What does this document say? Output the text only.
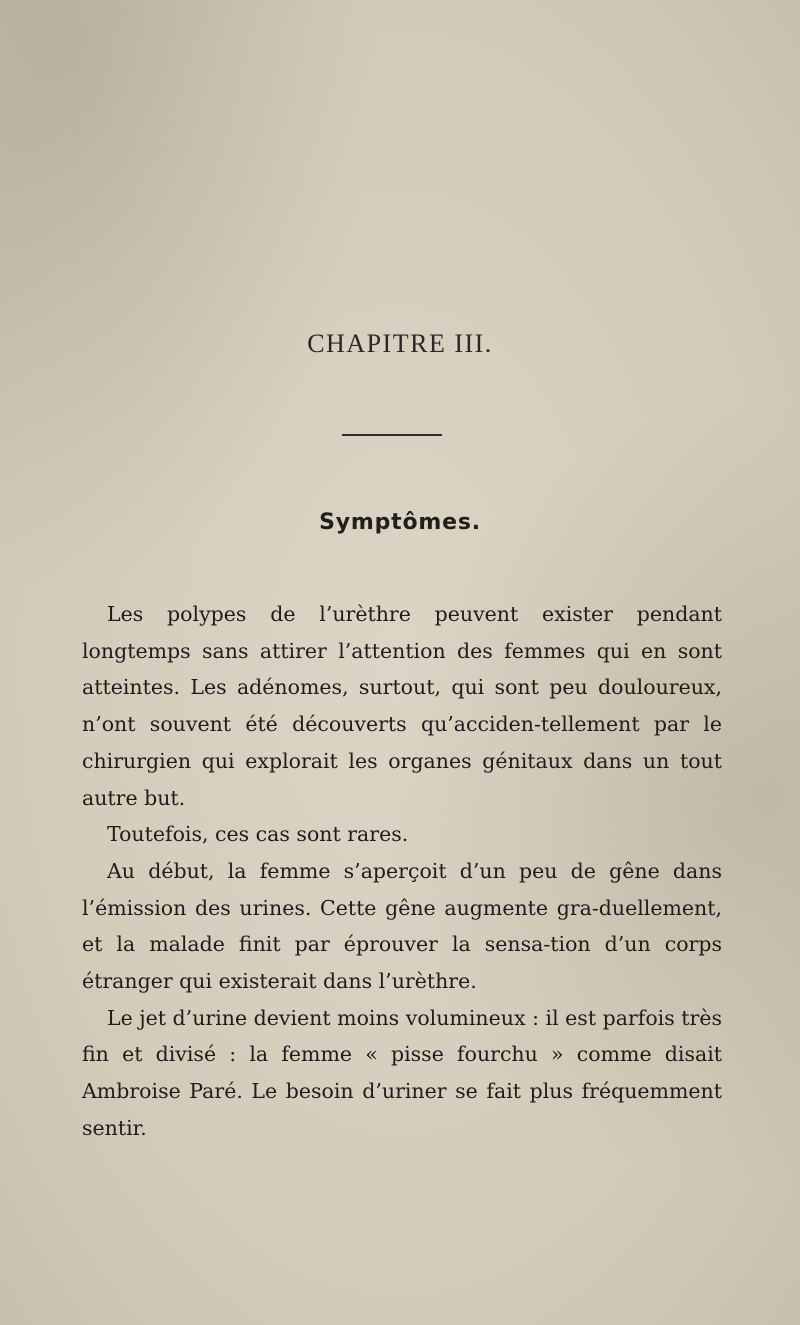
CHAPITRE III.
Symptômes.

Les polypes de l’urèthre peuvent exister pendant longtemps sans attirer l’attention des femmes qui en sont atteintes. Les adénomes, surtout, qui sont peu douloureux, n’ont souvent été découverts qu’acciden-tellement par le chirurgien qui explorait les organes génitaux dans un tout autre but.

Toutefois, ces cas sont rares.

Au début, la femme s’aperçoit d’un peu de gêne dans l’émission des urines. Cette gêne augmente gra-duellement, et la malade finit par éprouver la sensa-tion d’un corps étranger qui existerait dans l’urèthre.

Le jet d’urine devient moins volumineux : il est parfois très fin et divisé : la femme « pisse fourchu » comme disait Ambroise Paré. Le besoin d’uriner se fait plus fréquemment sentir.
